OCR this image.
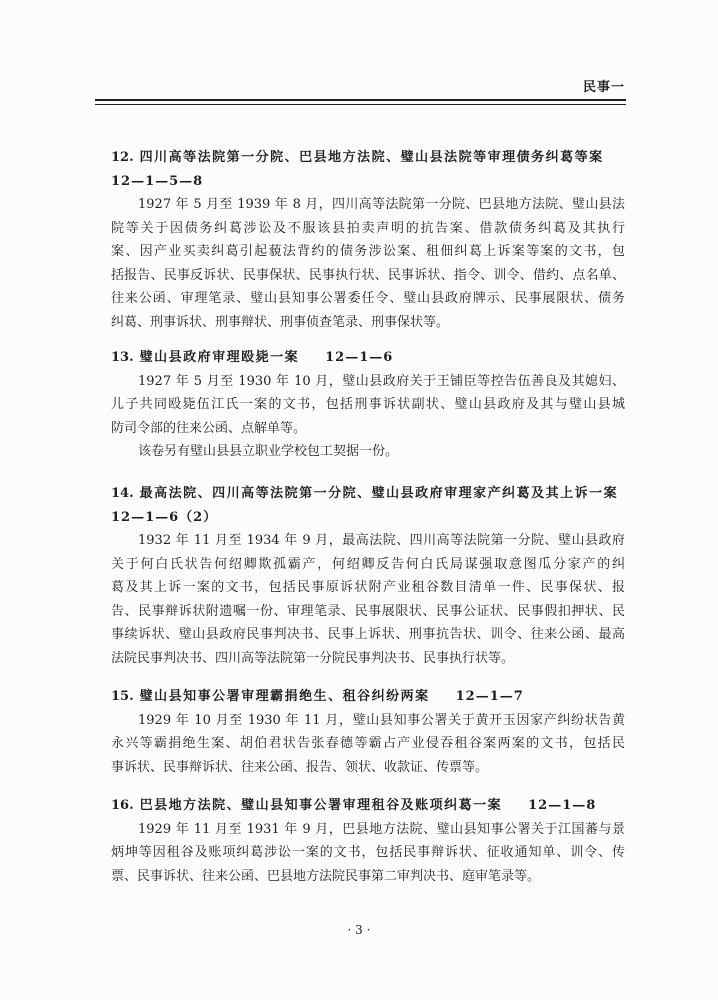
民事一
12. 四川高等法院第一分院、巴县地方法院、璧山县法院等审理债务纠葛等案
12—1—5—8
1927 年 5 月至 1939 年 8 月，四川高等法院第一分院、巴县地方法院、璧山县法
院等关于因债务纠葛涉讼及不服该县拍卖声明的抗告案、借款债务纠葛及其执行
案、因产业买卖纠葛引起藐法背约的债务涉讼案、租佃纠葛上诉案等案的文书，包
括报告、民事反诉状、民事保状、民事执行状、民事诉状、指令、训令、借约、点名单、
往来公函、审理笔录、璧山县知事公署委任令、璧山县政府牌示、民事展限状、债务
纠葛、刑事诉状、刑事辩状、刑事侦查笔录、刑事保状等。
13. 璧山县政府审理殴毙一案 12—1—6
1927 年 5 月至 1930 年 10 月，璧山县政府关于王铺臣等控告伍善良及其媳妇、
儿子共同殴毙伍江氏一案的文书，包括刑事诉状副状、璧山县政府及其与璧山县城
防司令部的往来公函、点解单等。
该卷另有璧山县县立职业学校包工契据一份。
14. 最高法院、四川高等法院第一分院、璧山县政府审理家产纠葛及其上诉一案
12—1—6（2）
1932 年 11 月至 1934 年 9 月，最高法院、四川高等法院第一分院、璧山县政府
关于何白氏状告何绍卿欺孤霸产，何绍卿反告何白氏局谋强取意图瓜分家产的纠
葛及其上诉一案的文书，包括民事原诉状附产业租谷数目清单一件、民事保状、报
告、民事辩诉状附遗嘱一份、审理笔录、民事展限状、民事公证状、民事假扣押状、民
事续诉状、璧山县政府民事判决书、民事上诉状、刑事抗告状、训令、往来公函、最高
法院民事判决书、四川高等法院第一分院民事判决书、民事执行状等。
15. 璧山县知事公署审理霸捐绝生、租谷纠纷两案 12—1—7
1929 年 10 月至 1930 年 11 月，璧山县知事公署关于黄开玉因家产纠纷状告黄
永兴等霸捐绝生案、胡伯君状告张春德等霸占产业侵吞租谷案两案的文书，包括民
事诉状、民事辩诉状、往来公函、报告、领状、收款证、传票等。
16. 巴县地方法院、璧山县知事公署审理租谷及账项纠葛一案 12—1—8
1929 年 11 月至 1931 年 9 月，巴县地方法院、璧山县知事公署关于江国蕃与景
炳坤等因租谷及账项纠葛涉讼一案的文书，包括民事辩诉状、征收通知单、训令、传
票、民事诉状、往来公函、巴县地方法院民事第二审判决书、庭审笔录等。
· 3 ·
